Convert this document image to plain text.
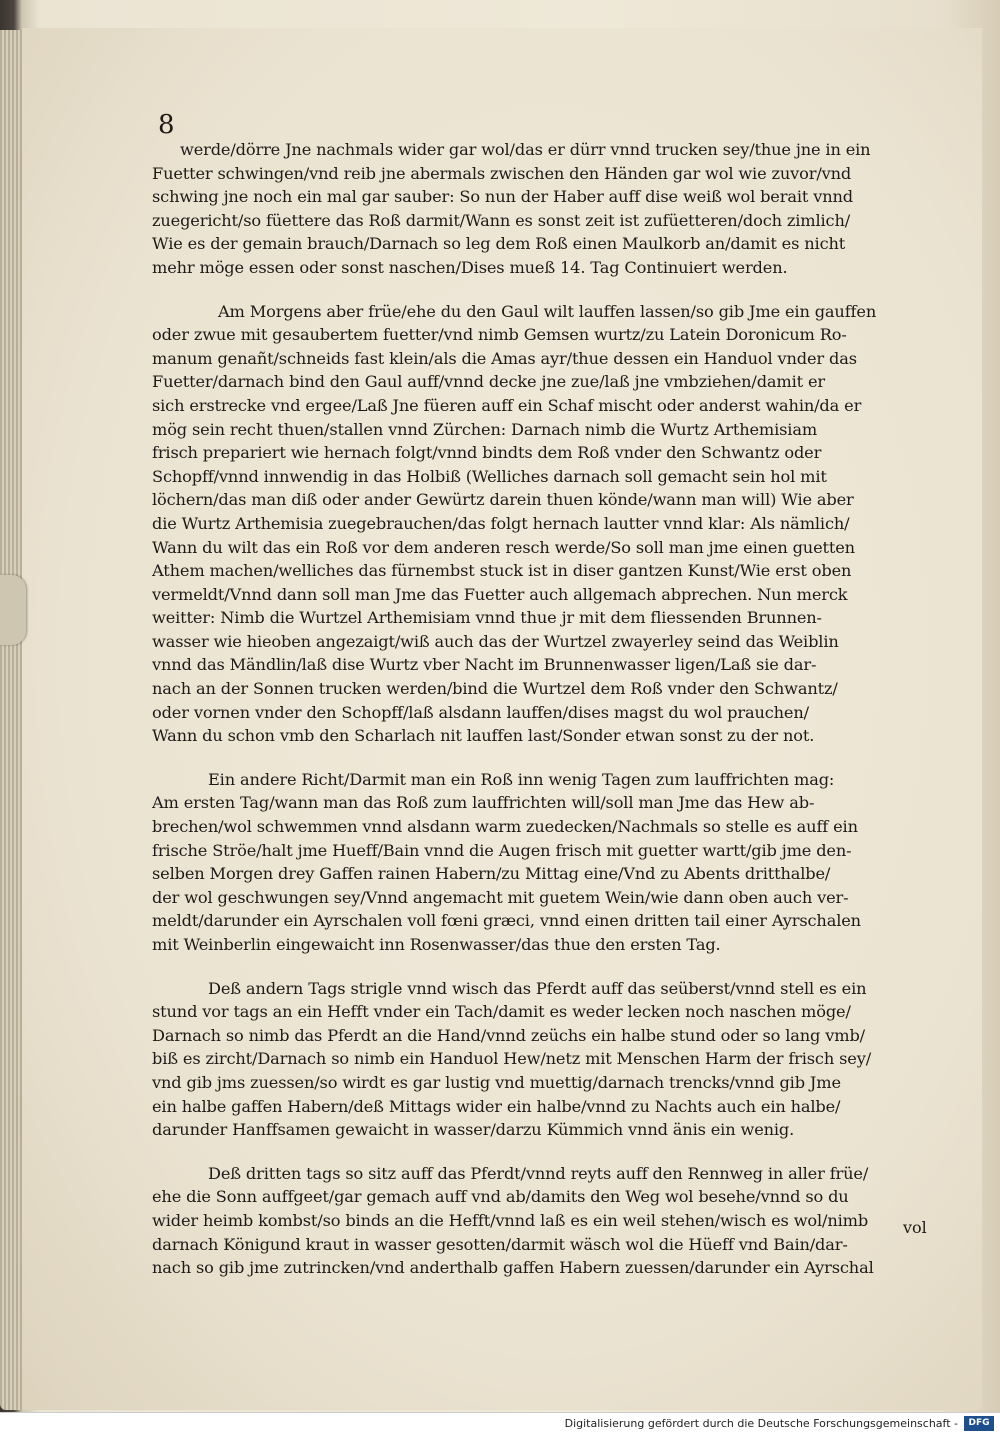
8
werde/dörre Jne nachmals wider gar wol/das er dürr vnnd trucken sey/thue jne in ein
Fuetter schwingen/vnd reib jne abermals zwischen den Händen gar wol wie zuvor/vnd
schwing jne noch ein mal gar sauber: So nun der Haber auff dise weiß wol berait vnnd
zuegericht/so füettere das Roß darmit/Wann es sonst zeit ist zufüetteren/doch zimlich/
Wie es der gemain brauch/Darnach so leg dem Roß einen Maulkorb an/damit es nicht
mehr möge essen oder sonst naschen/Dises mueß 14. Tag Continuiert werden.
Am Morgens aber früe/ehe du den Gaul wilt lauffen lassen/so gib Jme ein gauffen
oder zwue mit gesaubertem fuetter/vnd nimb Gemsen wurtz/zu Latein Doronicum Ro-
manum genañt/schneids fast klein/als die Amas ayr/thue dessen ein Handuol vnder das
Fuetter/darnach bind den Gaul auff/vnnd decke jne zue/laß jne vmbziehen/damit er
sich erstrecke vnd ergee/Laß Jne füeren auff ein Schaf mischt oder anderst wahin/da er
mög sein recht thuen/stallen vnnd Zürchen: Darnach nimb die Wurtz Arthemisiam
frisch prepariert wie hernach folgt/vnnd bindts dem Roß vnder den Schwantz oder
Schopff/vnnd innwendig in das Holbiß (Welliches darnach soll gemacht sein hol mit
löchern/das man diß oder ander Gewürtz darein thuen könde/wann man will) Wie aber
die Wurtz Arthemisia zuegebrauchen/das folgt hernach lautter vnnd klar: Als nämlich/
Wann du wilt das ein Roß vor dem anderen resch werde/So soll man jme einen guetten
Athem machen/welliches das fürnembst stuck ist in diser gantzen Kunst/Wie erst oben
vermeldt/Vnnd dann soll man Jme das Fuetter auch allgemach abprechen. Nun merck
weitter: Nimb die Wurtzel Arthemisiam vnnd thue jr mit dem fliessenden Brunnen-
wasser wie hieoben angezaigt/wiß auch das der Wurtzel zwayerley seind das Weiblin
vnnd das Mändlin/laß dise Wurtz vber Nacht im Brunnenwasser ligen/Laß sie dar-
nach an der Sonnen trucken werden/bind die Wurtzel dem Roß vnder den Schwantz/
oder vornen vnder den Schopff/laß alsdann lauffen/dises magst du wol prauchen/
Wann du schon vmb den Scharlach nit lauffen last/Sonder etwan sonst zu der not.
Ein andere Richt/Darmit man ein Roß inn wenig Tagen zum lauffrichten mag:
Am ersten Tag/wann man das Roß zum lauffrichten will/soll man Jme das Hew ab-
brechen/wol schwemmen vnnd alsdann warm zuedecken/Nachmals so stelle es auff ein
frische Ströe/halt jme Hueff/Bain vnnd die Augen frisch mit guetter wartt/gib jme den-
selben Morgen drey Gaffen rainen Habern/zu Mittag eine/Vnd zu Abents dritthalbe/
der wol geschwungen sey/Vnnd angemacht mit guetem Wein/wie dann oben auch ver-
meldt/darunder ein Ayrschalen voll fœni græci, vnnd einen dritten tail einer Ayrschalen
mit Weinberlin eingewaicht inn Rosenwasser/das thue den ersten Tag.
Deß andern Tags strigle vnnd wisch das Pferdt auff das seüberst/vnnd stell es ein
stund vor tags an ein Hefft vnder ein Tach/damit es weder lecken noch naschen möge/
Darnach so nimb das Pferdt an die Hand/vnnd zeüchs ein halbe stund oder so lang vmb/
biß es zircht/Darnach so nimb ein Handuol Hew/netz mit Menschen Harm der frisch sey/
vnd gib jms zuessen/so wirdt es gar lustig vnd muettig/darnach trencks/vnnd gib Jme
ein halbe gaffen Habern/deß Mittags wider ein halbe/vnnd zu Nachts auch ein halbe/
darunder Hanffsamen gewaicht in wasser/darzu Kümmich vnnd änis ein wenig.
Deß dritten tags so sitz auff das Pferdt/vnnd reyts auff den Rennweg in aller früe/
ehe die Sonn auffgeet/gar gemach auff vnd ab/damits den Weg wol besehe/vnnd so du
wider heimb kombst/so binds an die Hefft/vnnd laß es ein weil stehen/wisch es wol/nimb
darnach Königund kraut in wasser gesotten/darmit wäsch wol die Hüeff vnd Bain/dar-
nach so gib jme zutrincken/vnd anderthalb gaffen Habern zuessen/darunder ein Ayrschal
vol
Digitalisierung gefördert durch die Deutsche Forschungsgemeinschaft -	DFG
